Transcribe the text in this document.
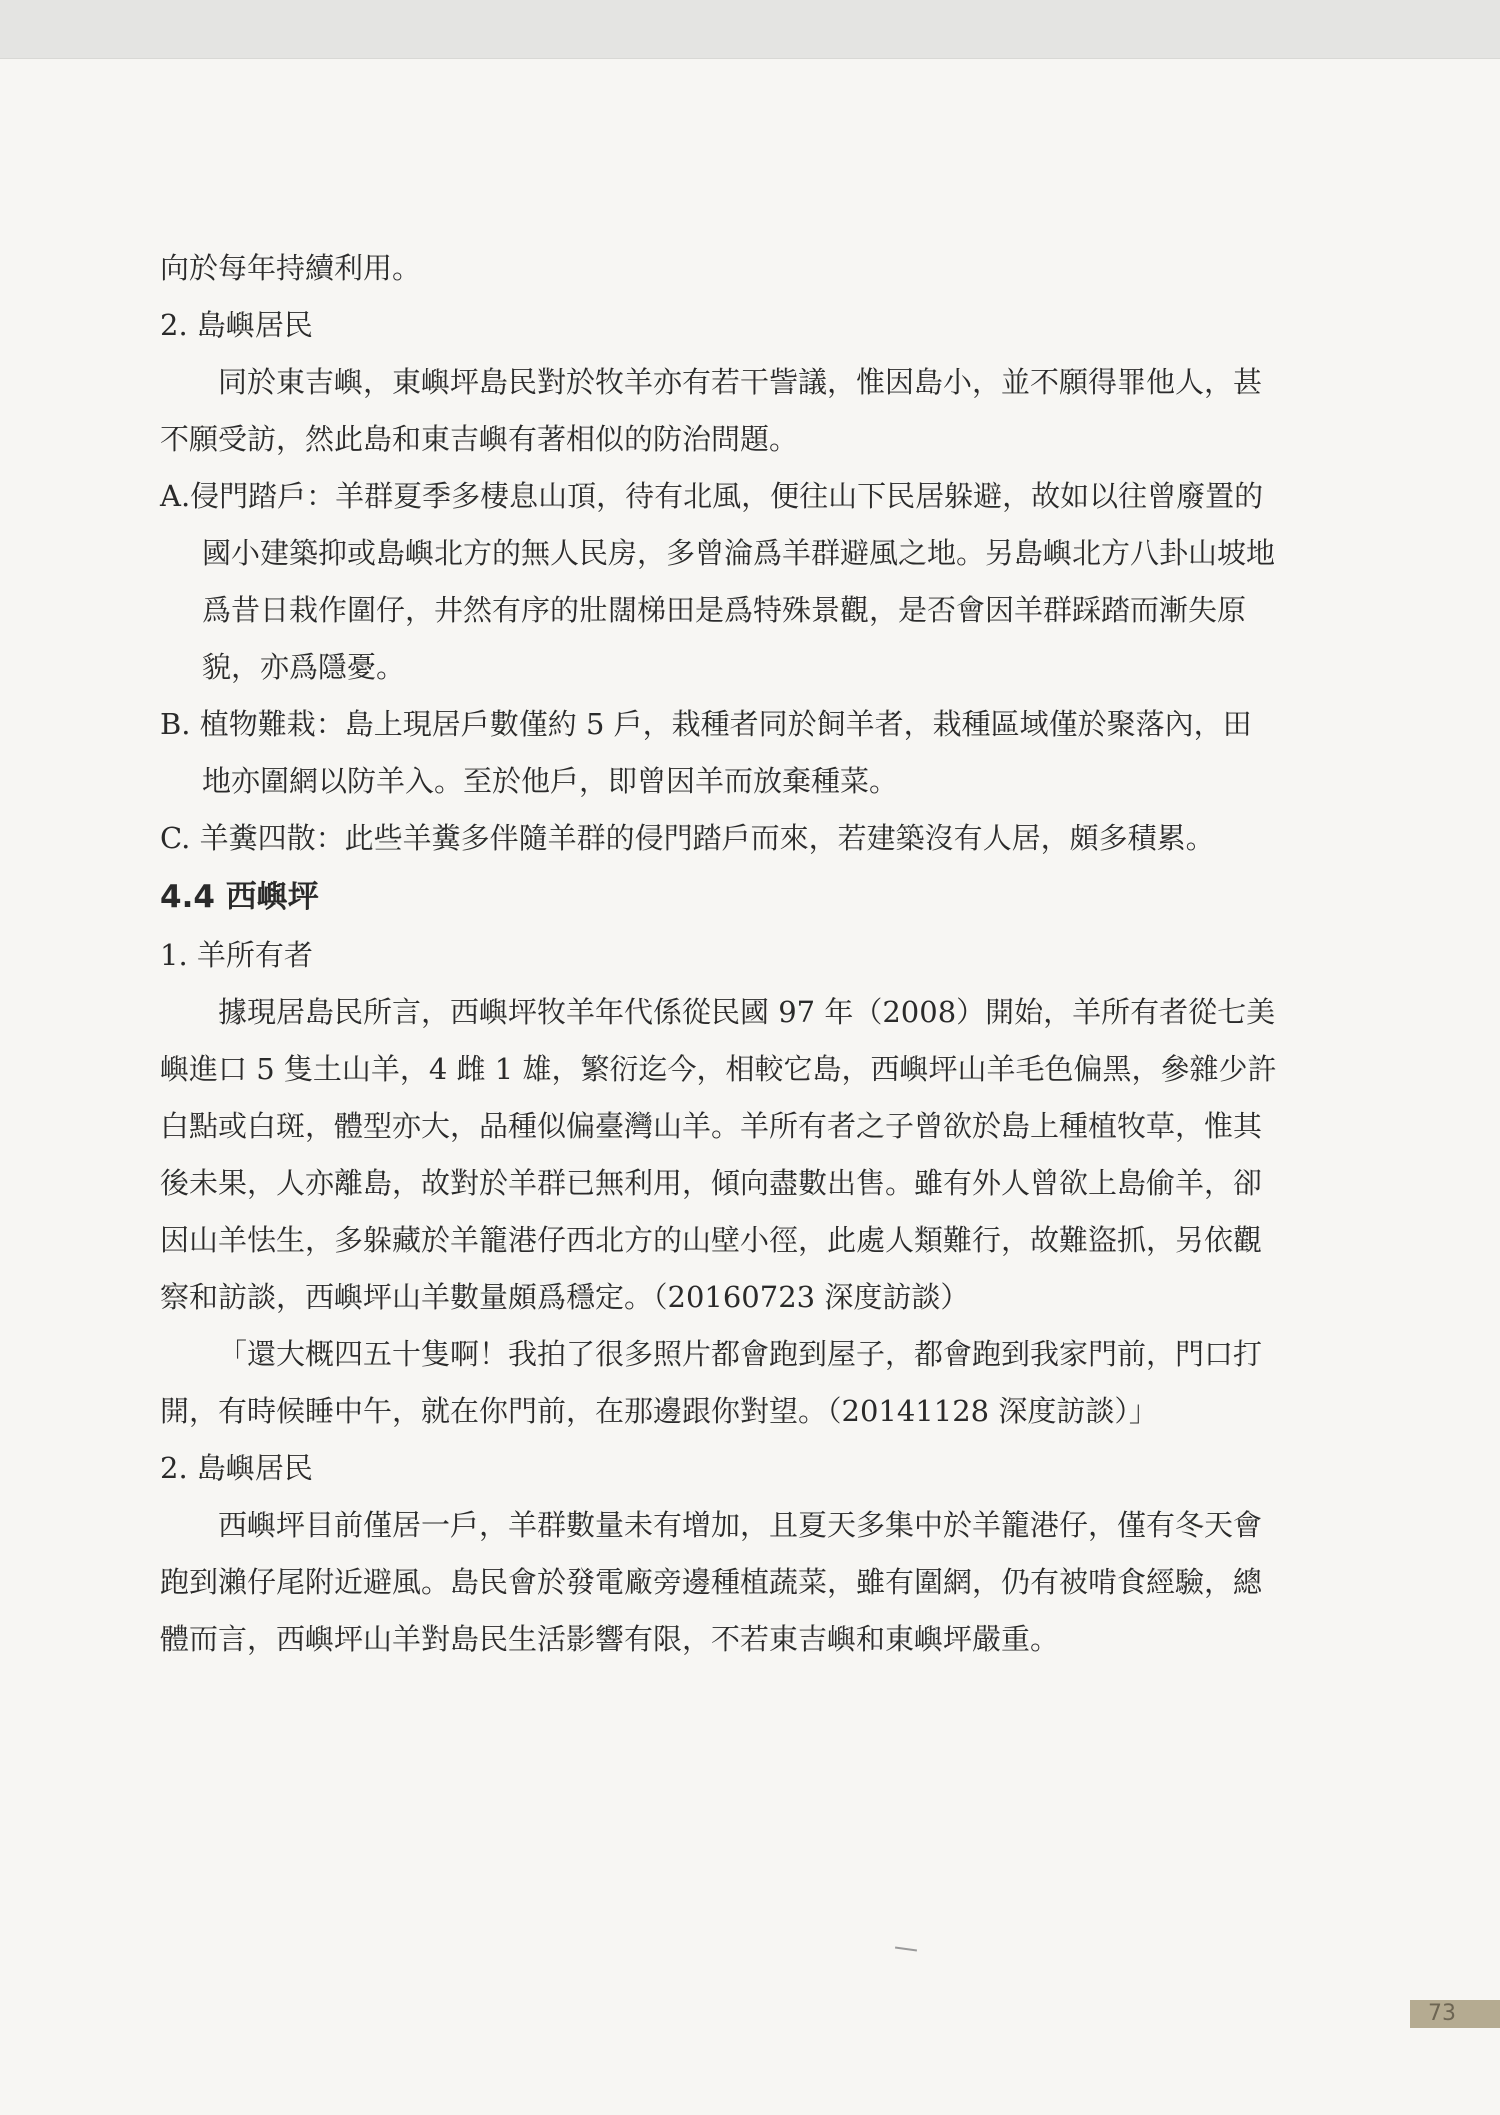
向於每年持續利用。

2. 島嶼居民

同於東吉嶼，東嶼坪島民對於牧羊亦有若干訾議，惟因島小，並不願得罪他人，甚不願受訪，然此島和東吉嶼有著相似的防治問題。

A.侵門踏戶：羊群夏季多棲息山頂，待有北風，便往山下民居躲避，故如以往曾廢置的國小建築抑或島嶼北方的無人民房，多曾淪爲羊群避風之地。另島嶼北方八卦山坡地爲昔日栽作圍仔，井然有序的壯闊梯田是爲特殊景觀，是否會因羊群踩踏而漸失原貌，亦爲隱憂。

B. 植物難栽：島上現居戶數僅約 5 戶，栽種者同於飼羊者，栽種區域僅於聚落內，田地亦圍網以防羊入。至於他戶，即曾因羊而放棄種菜。

C. 羊糞四散：此些羊糞多伴隨羊群的侵門踏戶而來，若建築沒有人居，頗多積累。

4.4 西嶼坪

1. 羊所有者

據現居島民所言，西嶼坪牧羊年代係從民國 97 年（2008）開始，羊所有者從七美嶼進口 5 隻土山羊，4 雌 1 雄，繁衍迄今，相較它島，西嶼坪山羊毛色偏黑，參雜少許白點或白斑，體型亦大，品種似偏臺灣山羊。羊所有者之子曾欲於島上種植牧草，惟其後未果，人亦離島，故對於羊群已無利用，傾向盡數出售。雖有外人曾欲上島偷羊，卻因山羊怯生，多躲藏於羊籠港仔西北方的山壁小徑，此處人類難行，故難盜抓，另依觀察和訪談，西嶼坪山羊數量頗爲穩定。（20160723 深度訪談）

「還大概四五十隻啊！我拍了很多照片都會跑到屋子，都會跑到我家門前，門口打開，有時候睡中午，就在你門前，在那邊跟你對望。（20141128 深度訪談）」

2. 島嶼居民

西嶼坪目前僅居一戶，羊群數量未有增加，且夏天多集中於羊籠港仔，僅有冬天會跑到瀨仔尾附近避風。島民會於發電廠旁邊種植蔬菜，雖有圍網，仍有被啃食經驗，總體而言，西嶼坪山羊對島民生活影響有限，不若東吉嶼和東嶼坪嚴重。

73
